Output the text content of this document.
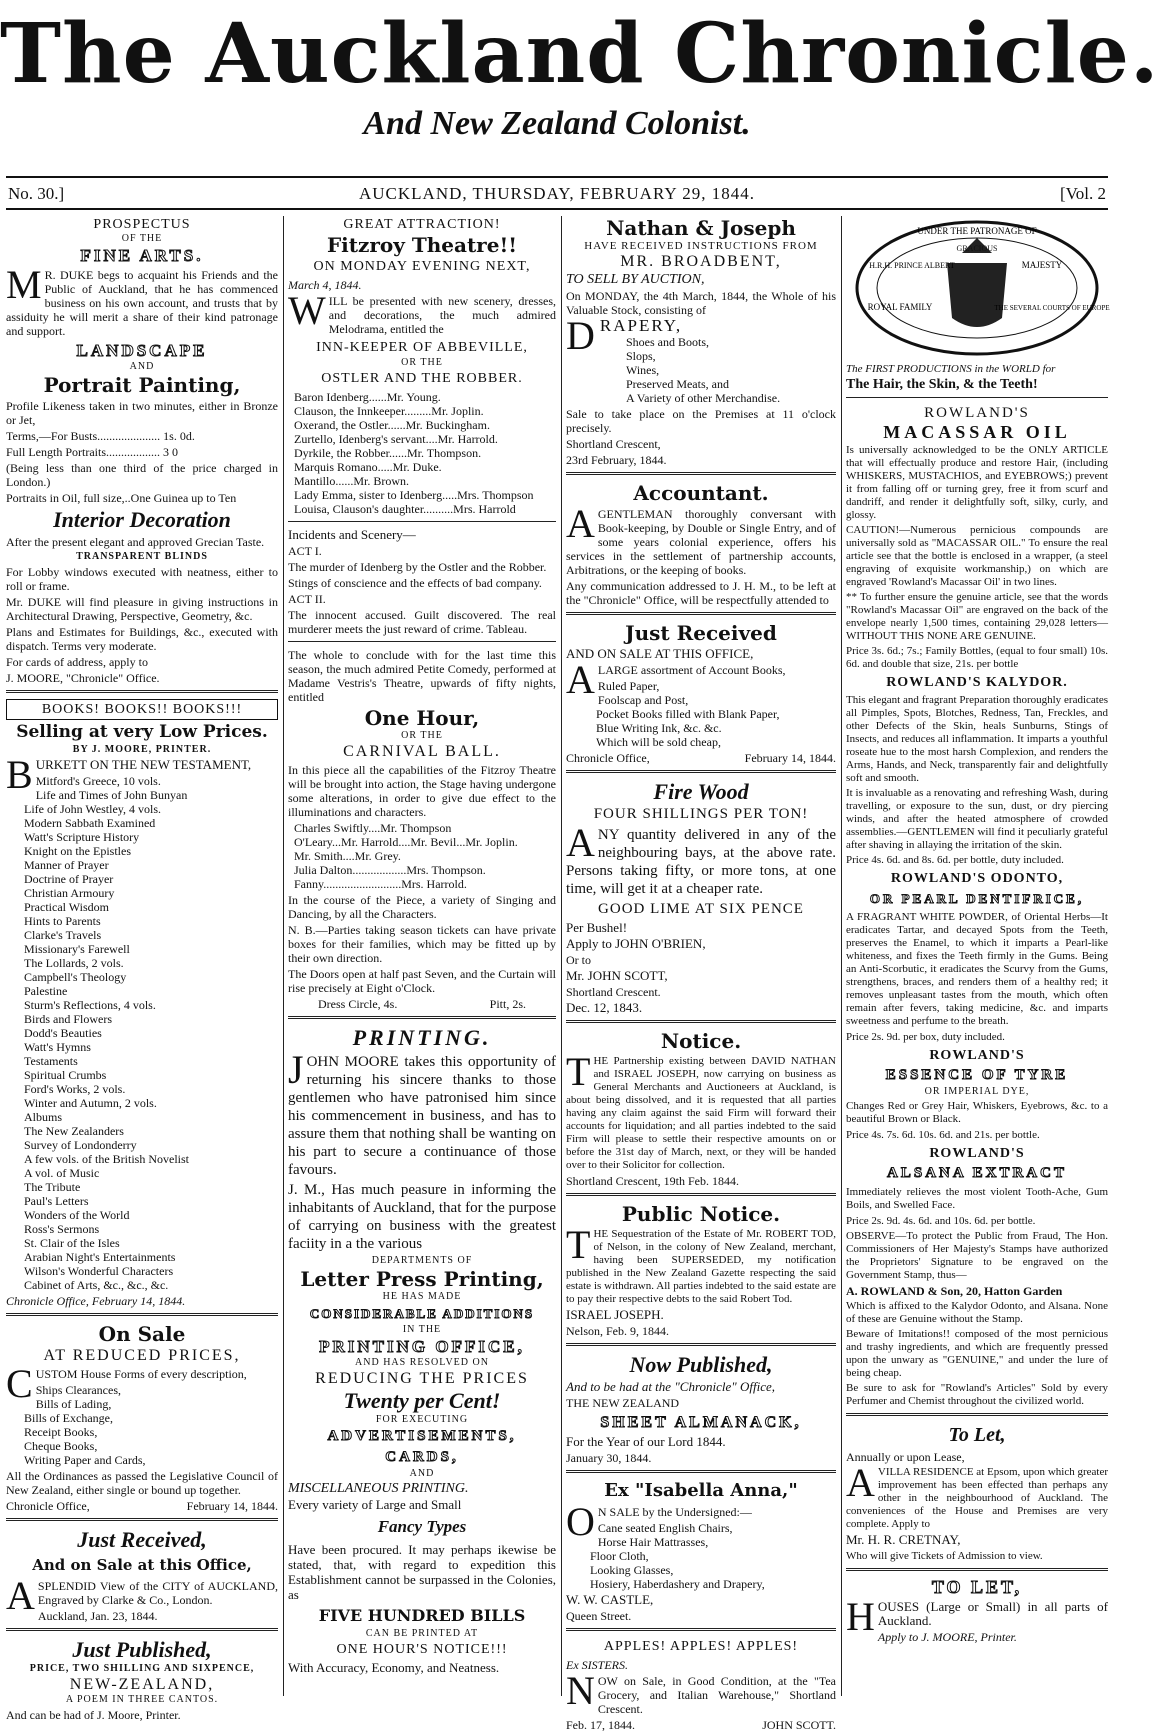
The Auckland Chronicle.
And New Zealand Colonist.
No. 30.]	AUCKLAND, THURSDAY, FEBRUARY 29, 1844.	[Vol. 2
PROSPECTUS
OF THE
FINE ARTS.
MR. DUKE begs to acquaint his Friends and the Public of Auckland, that he has commenced business on his own account, and trusts that by assiduity he will merit a share of their kind patronage and support.
LANDSCAPE
AND
Portrait Painting,
Profile Likeness taken in two minutes, either in Bronze or Jet,
Terms,—For Busts..................... 1s. 0d.
Full Length Portraits.................. 3 0
(Being less than one third of the price charged in London.)
Portraits in Oil, full size,..One Guinea up to Ten
Interior Decoration
After the present elegant and approved Grecian Taste.
TRANSPARENT BLINDS
For Lobby windows executed with neatness, either to roll or frame.
Mr. DUKE will find pleasure in giving instructions in Architectural Drawing, Perspective, Geometry, &c.
Plans and Estimates for Buildings, &c., executed with dispatch. Terms very moderate.
For cards of address, apply to
J. MOORE, "Chronicle" Office.
BOOKS! BOOKS!! BOOKS!!!
Selling at very Low Prices.
BY J. MOORE, PRINTER.
BURKETT ON THE NEW TESTAMENT,
Mitford's Greece, 10 vols.
Life and Times of John Bunyan
Life of John Westley, 4 vols.
Modern Sabbath Examined
Watt's Scripture History
Knight on the Epistles
Manner of Prayer
Doctrine of Prayer
Christian Armoury
Practical Wisdom
Hints to Parents
Clarke's Travels
Missionary's Farewell
The Lollards, 2 vols.
Campbell's Theology
Palestine
Sturm's Reflections, 4 vols.
Birds and Flowers
Dodd's Beauties
Watt's Hymns
Testaments
Spiritual Crumbs
Ford's Works, 2 vols.
Winter and Autumn, 2 vols.
Albums
The New Zealanders
Survey of Londonderry
A few vols. of the British Novelist
A vol. of Music
The Tribute
Paul's Letters
Wonders of the World
Ross's Sermons
St. Clair of the Isles
Arabian Night's Entertainments
Wilson's Wonderful Characters
Cabinet of Arts, &c., &c., &c.
Chronicle Office, February 14, 1844.
On Sale
AT REDUCED PRICES,
CUSTOM House Forms of every description,
Ships Clearances,
Bills of Lading,
Bills of Exchange,
Receipt Books,
Cheque Books,
Writing Paper and Cards,
All the Ordinances as passed the Legislative Council of New Zealand, either single or bound up together.
Chronicle Office,	February 14, 1844.
Just Received,
And on Sale at this Office,
ASPLENDID View of the CITY of AUCKLAND, Engraved by Clarke & Co., London.
Auckland, Jan. 23, 1844.
Just Published,
PRICE, TWO SHILLING AND SIXPENCE,
NEW-ZEALAND,
A POEM IN THREE CANTOS.
And can be had of J. Moore, Printer.
GREAT ATTRACTION!
Fitzroy Theatre!!
ON MONDAY EVENING NEXT,
March 4, 1844.
WILL be presented with new scenery, dresses, and decorations, the much admired Melodrama, entitled the
INN-KEEPER OF ABBEVILLE,
OR THE
OSTLER AND THE ROBBER.
Baron Idenberg......Mr. Young.
Clauson, the Innkeeper.........Mr. Joplin.
Oxerand, the Ostler......Mr. Buckingham.
Zurtello, Idenberg's servant....Mr. Harrold.
Dyrkile, the Robber......Mr. Thompson.
Marquis Romano.....Mr. Duke.
Mantillo......Mr. Brown.
Lady Emma, sister to Idenberg.....Mrs. Thompson
Louisa, Clauson's daughter..........Mrs. Harrold
Incidents and Scenery—
ACT I.
The murder of Idenberg by the Ostler and the Robber.
Stings of conscience and the effects of bad company.
ACT II.
The innocent accused. Guilt discovered. The real murderer meets the just reward of crime. Tableau.
The whole to conclude with for the last time this season, the much admired Petite Comedy, performed at Madame Vestris's Theatre, upwards of fifty nights, entitled
One Hour,
OR THE
CARNIVAL BALL.
In this piece all the capabilities of the Fitzroy Theatre will be brought into action, the Stage having undergone some alterations, in order to give due effect to the illuminations and characters.
Charles Swiftly....Mr. Thompson
O'Leary...Mr. Harrold....Mr. Bevil...Mr. Joplin.
Mr. Smith....Mr. Grey.
Julia Dalton..................Mrs. Thompson.
Fanny..........................Mrs. Harrold.
In the course of the Piece, a variety of Singing and Dancing, by all the Characters.
N. B.—Parties taking season tickets can have private boxes for their families, which may be fitted up by their own direction.
The Doors open at half past Seven, and the Curtain will rise precisely at Eight o'Clock.
Dress Circle, 4s.	Pitt, 2s.
PRINTING.
JOHN MOORE takes this opportunity of returning his sincere thanks to those gentlemen who have patronised him since his commencement in business, and has to assure them that nothing shall be wanting on his part to secure a continuance of those favours.
J. M., Has much peasure in informing the inhabitants of Auckland, that for the purpose of carrying on business with the greatest faciity in a the various
DEPARTMENTS OF
Letter Press Printing,
HE HAS MADE
CONSIDERABLE ADDITIONS
IN THE
PRINTING OFFICE,
AND HAS RESOLVED ON
REDUCING THE PRICES
Twenty per Cent!
FOR EXECUTING
ADVERTISEMENTS,
CARDS,
AND
MISCELLANEOUS PRINTING.
Every variety of Large and Small
Fancy Types
Have been procured. It may perhaps ikewise be stated, that, with regard to expedition this Establishment cannot be surpassed in the Colonies, as
FIVE HUNDRED BILLS
CAN BE PRINTED AT
ONE HOUR'S NOTICE!!!
With Accuracy, Economy, and Neatness.
Nathan & Joseph
HAVE RECEIVED INSTRUCTIONS FROM
MR. BROADBENT,
TO SELL BY AUCTION,
On MONDAY, the 4th March, 1844, the Whole of his Valuable Stock, consisting of
DRAPERY,
Shoes and Boots,
Slops,
Wines,
Preserved Meats, and
A Variety of other Merchandise.
Sale to take place on the Premises at 11 o'clock precisely.
Shortland Crescent,
23rd February, 1844.
Accountant.
AGENTLEMAN thoroughly conversant with Book-keeping, by Double or Single Entry, and of some years colonial experience, offers his services in the settlement of partnership accounts, Arbitrations, or the keeping of books.
Any communication addressed to J. H. M., to be left at the "Chronicle" Office, will be respectfully attended to
Just Received
AND ON SALE AT THIS OFFICE,
ALARGE assortment of Account Books,
Ruled Paper,
Foolscap and Post,
Pocket Books filled with Blank Paper,
Blue Writing Ink, &c. &c.
Which will be sold cheap,
Chronicle Office,	February 14, 1844.
Fire Wood
FOUR SHILLINGS PER TON!
ANY quantity delivered in any of the neighbouring bays, at the above rate. Persons taking fifty, or more tons, at one time, will get it at a cheaper rate.
GOOD LIME AT SIX PENCE
Per Bushel!
Apply to JOHN O'BRIEN,
Or to
Mr. JOHN SCOTT,
Shortland Crescent.
Dec. 12, 1843.
Notice.
THE Partnership existing between DAVID NATHAN and ISRAEL JOSEPH, now carrying on business as General Merchants and Auctioneers at Auckland, is about being dissolved, and it is requested that all parties having any claim against the said Firm will forward their accounts for liquidation; and all parties indebted to the said Firm will please to settle their respective amounts on or before the 31st day of March, next, or they will be handed over to their Solicitor for collection.
Shortland Crescent, 19th Feb. 1844.
Public Notice.
THE Sequestration of the Estate of Mr. ROBERT TOD, of Nelson, in the colony of New Zealand, merchant, having been SUPERSEDED, my notification published in the New Zealand Gazette respecting the said estate is withdrawn. All parties indebted to the said estate are to pay their respective debts to the said Robert Tod.
ISRAEL JOSEPH.
Nelson, Feb. 9, 1844.
Now Published,
And to be had at the "Chronicle" Office,
THE NEW ZEALAND
SHEET ALMANACK,
For the Year of our Lord 1844.
January 30, 1844.
Ex "Isabella Anna,"
ON SALE by the Undersigned:—
Cane seated English Chairs,
Horse Hair Mattrasses,
Floor Cloth,
Looking Glasses,
Hosiery, Haberdashery and Drapery,
W. W. CASTLE,
Queen Street.
APPLES! APPLES! APPLES!
Ex SISTERS.
NOW on Sale, in Good Condition, at the "Tea Grocery, and Italian Warehouse," Shortland Crescent.
Feb. 17, 1844.	JOHN SCOTT.
UNDER THE PATRONAGE OF
GRACIOUS
MAJESTY
H.R.H. PRINCE ALBERT
ROYAL FAMILY	THE SEVERAL COURTS OF EUROPE
The FIRST PRODUCTIONS in the WORLD for
The Hair, the Skin, & the Teeth!
ROWLAND'S
MACASSAR OIL
Is universally acknowledged to be the ONLY ARTICLE that will effectually produce and restore Hair, (including WHISKERS, MUSTACHIOS, and EYEBROWS;) prevent it from falling off or turning grey, free it from scurf and dandriff, and render it delightfully soft, silky, curly, and glossy.
CAUTION!—Numerous pernicious compounds are universally sold as "MACASSAR OIL." To ensure the real article see that the bottle is enclosed in a wrapper, (a steel engraving of exquisite workmanship,) on which are engraved 'Rowland's Macassar Oil' in two lines.
** To further ensure the genuine article, see that the words "Rowland's Macassar Oil" are engraved on the back of the envelope nearly 1,500 times, containing 29,028 letters—WITHOUT THIS NONE ARE GENUINE.
Price 3s. 6d.; 7s.; Family Bottles, (equal to four small) 10s. 6d. and double that size, 21s. per bottle
ROWLAND'S KALYDOR.
This elegant and fragrant Preparation thoroughly eradicates all Pimples, Spots, Blotches, Redness, Tan, Freckles, and other Defects of the Skin, heals Sunburns, Stings of Insects, and reduces all inflammation. It imparts a youthful roseate hue to the most harsh Complexion, and renders the Arms, Hands, and Neck, transparently fair and delightfully soft and smooth.
It is invaluable as a renovating and refreshing Wash, during travelling, or exposure to the sun, dust, or dry piercing winds, and after the heated atmosphere of crowded assemblies.—GENTLEMEN will find it peculiarly grateful after shaving in allaying the irritation of the skin.
Price 4s. 6d. and 8s. 6d. per bottle, duty included.
ROWLAND'S ODONTO,
OR PEARL DENTIFRICE,
A FRAGRANT WHITE POWDER, of Oriental Herbs—It eradicates Tartar, and decayed Spots from the Teeth, preserves the Enamel, to which it imparts a Pearl-like whiteness, and fixes the Teeth firmly in the Gums. Being an Anti-Scorbutic, it eradicates the Scurvy from the Gums, strengthens, braces, and renders them of a healthy red; it removes unpleasant tastes from the mouth, which often remain after fevers, taking medicine, &c. and imparts sweetness and perfume to the breath.
Price 2s. 9d. per box, duty included.
ROWLAND'S
ESSENCE OF TYRE
OR IMPERIAL DYE,
Changes Red or Grey Hair, Whiskers, Eyebrows, &c. to a beautiful Brown or Black.
Price 4s. 7s. 6d. 10s. 6d. and 21s. per bottle.
ROWLAND'S
ALSANA EXTRACT
Immediately relieves the most violent Tooth-Ache, Gum Boils, and Swelled Face.
Price 2s. 9d. 4s. 6d. and 10s. 6d. per bottle.
OBSERVE—To protect the Public from Fraud, The Hon. Commissioners of Her Majesty's Stamps have authorized the Proprietors' Signature to be engraved on the Government Stamp, thus—
A. ROWLAND & Son, 20, Hatton Garden
Which is affixed to the Kalydor Odonto, and Alsana. None of these are Genuine without the Stamp.
Beware of Imitations!! composed of the most pernicious and trashy ingredients, and which are frequently pressed upon the unwary as "GENUINE," and under the lure of being cheap.
Be sure to ask for "Rowland's Articles" Sold by every Perfumer and Chemist throughout the civilized world.
To Let,
Annually or upon Lease,
AVILLA RESIDENCE at Epsom, upon which greater improvement has been effected than perhaps any other in the neighbourhood of Auckland. The conveniences of the House and Premises are very complete. Apply to
Mr. H. R. CRETNAY,
Who will give Tickets of Admission to view.
TO LET,
HOUSES (Large or Small) in all parts of Auckland.
Apply to J. MOORE, Printer.
